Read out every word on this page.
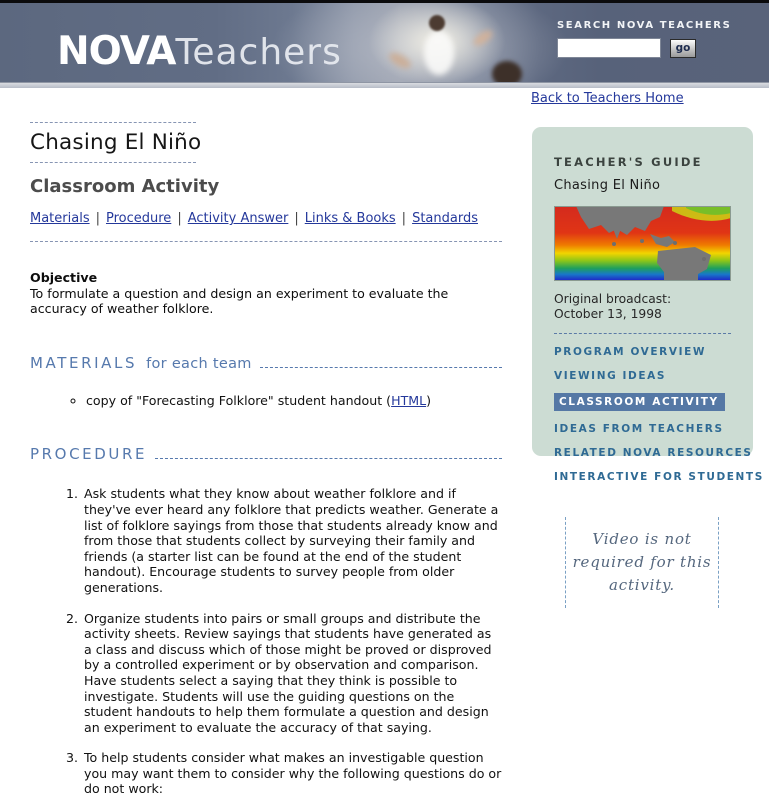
NOVATeachers
SEARCH NOVA TEACHERS
go
Back to Teachers Home
Chasing El Niño
Classroom Activity
Materials | Procedure | Activity Answer | Links & Books | Standards
Objective
To formulate a question and design an experiment to evaluate the accuracy of weather folklore.
MATERIALS for each team
◦ copy of "Forecasting Folklore" student handout (HTML)
PROCEDURE
1. Ask students what they know about weather folklore and if they've ever heard any folklore that predicts weather. Generate a list of folklore sayings from those that students already know and from those that students collect by surveying their family and friends (a starter list can be found at the end of the student handout). Encourage students to survey people from older generations.
2. Organize students into pairs or small groups and distribute the activity sheets. Review sayings that students have generated as a class and discuss which of those might be proved or disproved by a controlled experiment or by observation and comparison. Have students select a saying that they think is possible to investigate. Students will use the guiding questions on the student handouts to help them formulate a question and design an experiment to evaluate the accuracy of that saying.
3. To help students consider what makes an investigable question you may want them to consider why the following questions do or do not work:
TEACHER'S GUIDE
Chasing El Niño
Original broadcast:
October 13, 1998
PROGRAM OVERVIEW
VIEWING IDEAS
CLASSROOM ACTIVITY
IDEAS FROM TEACHERS
RELATED NOVA RESOURCES
INTERACTIVE FOR STUDENTS
Video is not required for this activity.
